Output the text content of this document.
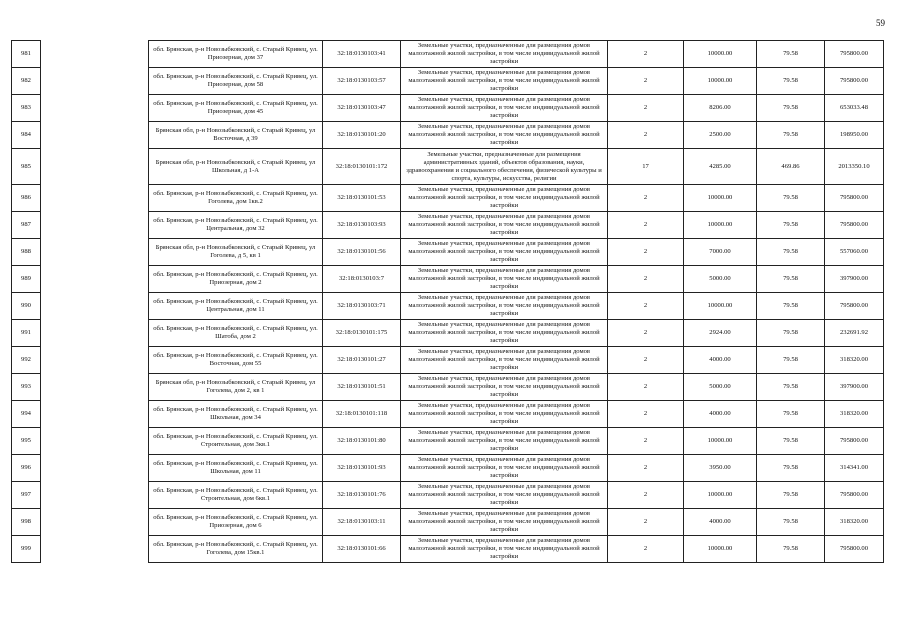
59
981		обл. Брянская, р-н Новозыбковский, с. Старый Кривец, ул. Приозерная, дом 37	32:18:0130103:41	Земельные участки, предназначенные для размещения домов малоэтажной жилой застройки, в том числе индивидуальной жилой застройки	2	10000.00	79.58	795800.00
982		обл. Брянская, р-н Новозыбковский, с. Старый Кривец, ул. Приозерная, дом 58	32:18:0130103:57	Земельные участки, предназначенные для размещения домов малоэтажной жилой застройки, в том числе индивидуальной жилой застройки	2	10000.00	79.58	795800.00
983		обл. Брянская, р-н Новозыбковский, с. Старый Кривец, ул. Приозерная, дом 45	32:18:0130103:47	Земельные участки, предназначенные для размещения домов малоэтажной жилой застройки, в том числе индивидуальной жилой застройки	2	8206.00	79.58	653033.48
984		Брянская обл, р-н Новозыбковский, с Старый Кривец, ул Восточная, д 39	32:18:0130101:20	Земельные участки, предназначенные для размещения домов малоэтажной жилой застройки, в том числе индивидуальной жилой застройки	2	2500.00	79.58	198950.00
985		Брянская обл, р-н Новозыбковский, с Старый Кривец, ул Школьная, д 1-А	32:18:0130101:172	Земельные участки, предназначенные для размещения административных зданий, объектов образования, науки, здравоохранения и социального обеспечения, физической культуры и спорта, культуры, искусства, религии	17	4285.00	469.86	2013350.10
986		обл. Брянская, р-н Новозыбковский, с. Старый Кривец, ул. Гоголева, дом 1кв.2	32:18:0130101:53	Земельные участки, предназначенные для размещения домов малоэтажной жилой застройки, в том числе индивидуальной жилой застройки	2	10000.00	79.58	795800.00
987		обл. Брянская, р-н Новозыбковский, с. Старый Кривец, ул. Центральная, дом 32	32:18:0130103:93	Земельные участки, предназначенные для размещения домов малоэтажной жилой застройки, в том числе индивидуальной жилой застройки	2	10000.00	79.58	795800.00
988		Брянская обл, р-н Новозыбковский, с Старый Кривец, ул Гоголева, д 5, кв 1	32:18:0130101:56	Земельные участки, предназначенные для размещения домов малоэтажной жилой застройки, в том числе индивидуальной жилой застройки	2	7000.00	79.58	557060.00
989		обл. Брянская, р-н Новозыбковский, с. Старый Кривец, ул. Приозерная, дом 2	32:18:0130103:7	Земельные участки, предназначенные для размещения домов малоэтажной жилой застройки, в том числе индивидуальной жилой застройки	2	5000.00	79.58	397900.00
990		обл. Брянская, р-н Новозыбковский, с. Старый Кривец, ул. Центральная, дом 11	32:18:0130103:71	Земельные участки, предназначенные для размещения домов малоэтажной жилой застройки, в том числе индивидуальной жилой застройки	2	10000.00	79.58	795800.00
991		обл. Брянская, р-н Новозыбковский, с. Старый Кривец, ул. Шатоба, дом 2	32:18:0130101:175	Земельные участки, предназначенные для размещения домов малоэтажной жилой застройки, в том числе индивидуальной жилой застройки	2	2924.00	79.58	232691.92
992		обл. Брянская, р-н Новозыбковский, с. Старый Кривец, ул. Восточная, дом 55	32:18:0130101:27	Земельные участки, предназначенные для размещения домов малоэтажной жилой застройки, в том числе индивидуальной жилой застройки	2	4000.00	79.58	318320.00
993		Брянская обл, р-н Новозыбковский, с Старый Кривец, ул Гоголева, дом 2, кв 1	32:18:0130101:51	Земельные участки, предназначенные для размещения домов малоэтажной жилой застройки, в том числе индивидуальной жилой застройки	2	5000.00	79.58	397900.00
994		обл. Брянская, р-н Новозыбковский, с. Старый Кривец, ул. Школьная, дом 34	32:18:0130101:118	Земельные участки, предназначенные для размещения домов малоэтажной жилой застройки, в том числе индивидуальной жилой застройки	2	4000.00	79.58	318320.00
995		обл. Брянская, р-н Новозыбковский, с. Старый Кривец, ул. Строительная, дом 3кв.1	32:18:0130101:80	Земельные участки, предназначенные для размещения домов малоэтажной жилой застройки, в том числе индивидуальной жилой застройки	2	10000.00	79.58	795800.00
996		обл. Брянская, р-н Новозыбковский, с. Старый Кривец, ул. Школьная, дом 11	32:18:0130101:93	Земельные участки, предназначенные для размещения домов малоэтажной жилой застройки, в том числе индивидуальной жилой застройки	2	3950.00	79.58	314341.00
997		обл. Брянская, р-н Новозыбковский, с. Старый Кривец, ул. Строительная, дом 6кв.1	32:18:0130101:76	Земельные участки, предназначенные для размещения домов малоэтажной жилой застройки, в том числе индивидуальной жилой застройки	2	10000.00	79.58	795800.00
998		обл. Брянская, р-н Новозыбковский, с. Старый Кривец, ул. Приозерная, дом 6	32:18:0130103:11	Земельные участки, предназначенные для размещения домов малоэтажной жилой застройки, в том числе индивидуальной жилой застройки	2	4000.00	79.58	318320.00
999		обл. Брянская, р-н Новозыбковский, с. Старый Кривец, ул. Гоголева, дом 15кв.1	32:18:0130101:66	Земельные участки, предназначенные для размещения домов малоэтажной жилой застройки, в том числе индивидуальной жилой застройки	2	10000.00	79.58	795800.00
